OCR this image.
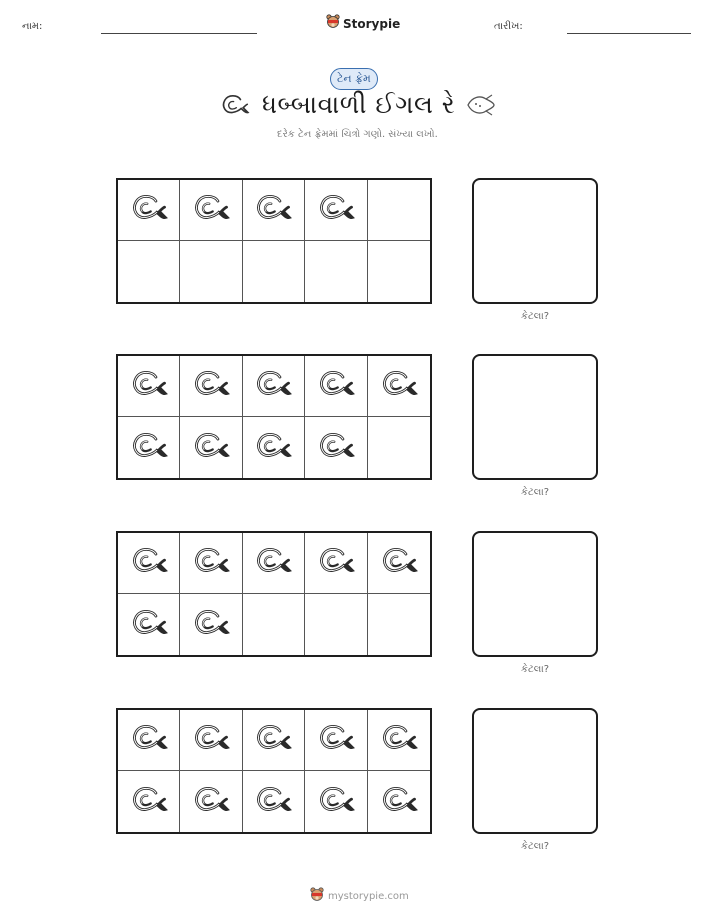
નામ:	Storypie	તારીખ:
ટેન ફ્રેમ
ધબ્બાવાળી ઈગલ રે
દરેક ટેન ફ્રેમમાં ચિત્રો ગણો. સંખ્યા લખો.
કેટલા?
કેટલા?
કેટલા?
કેટલા?
mystorypie.com
